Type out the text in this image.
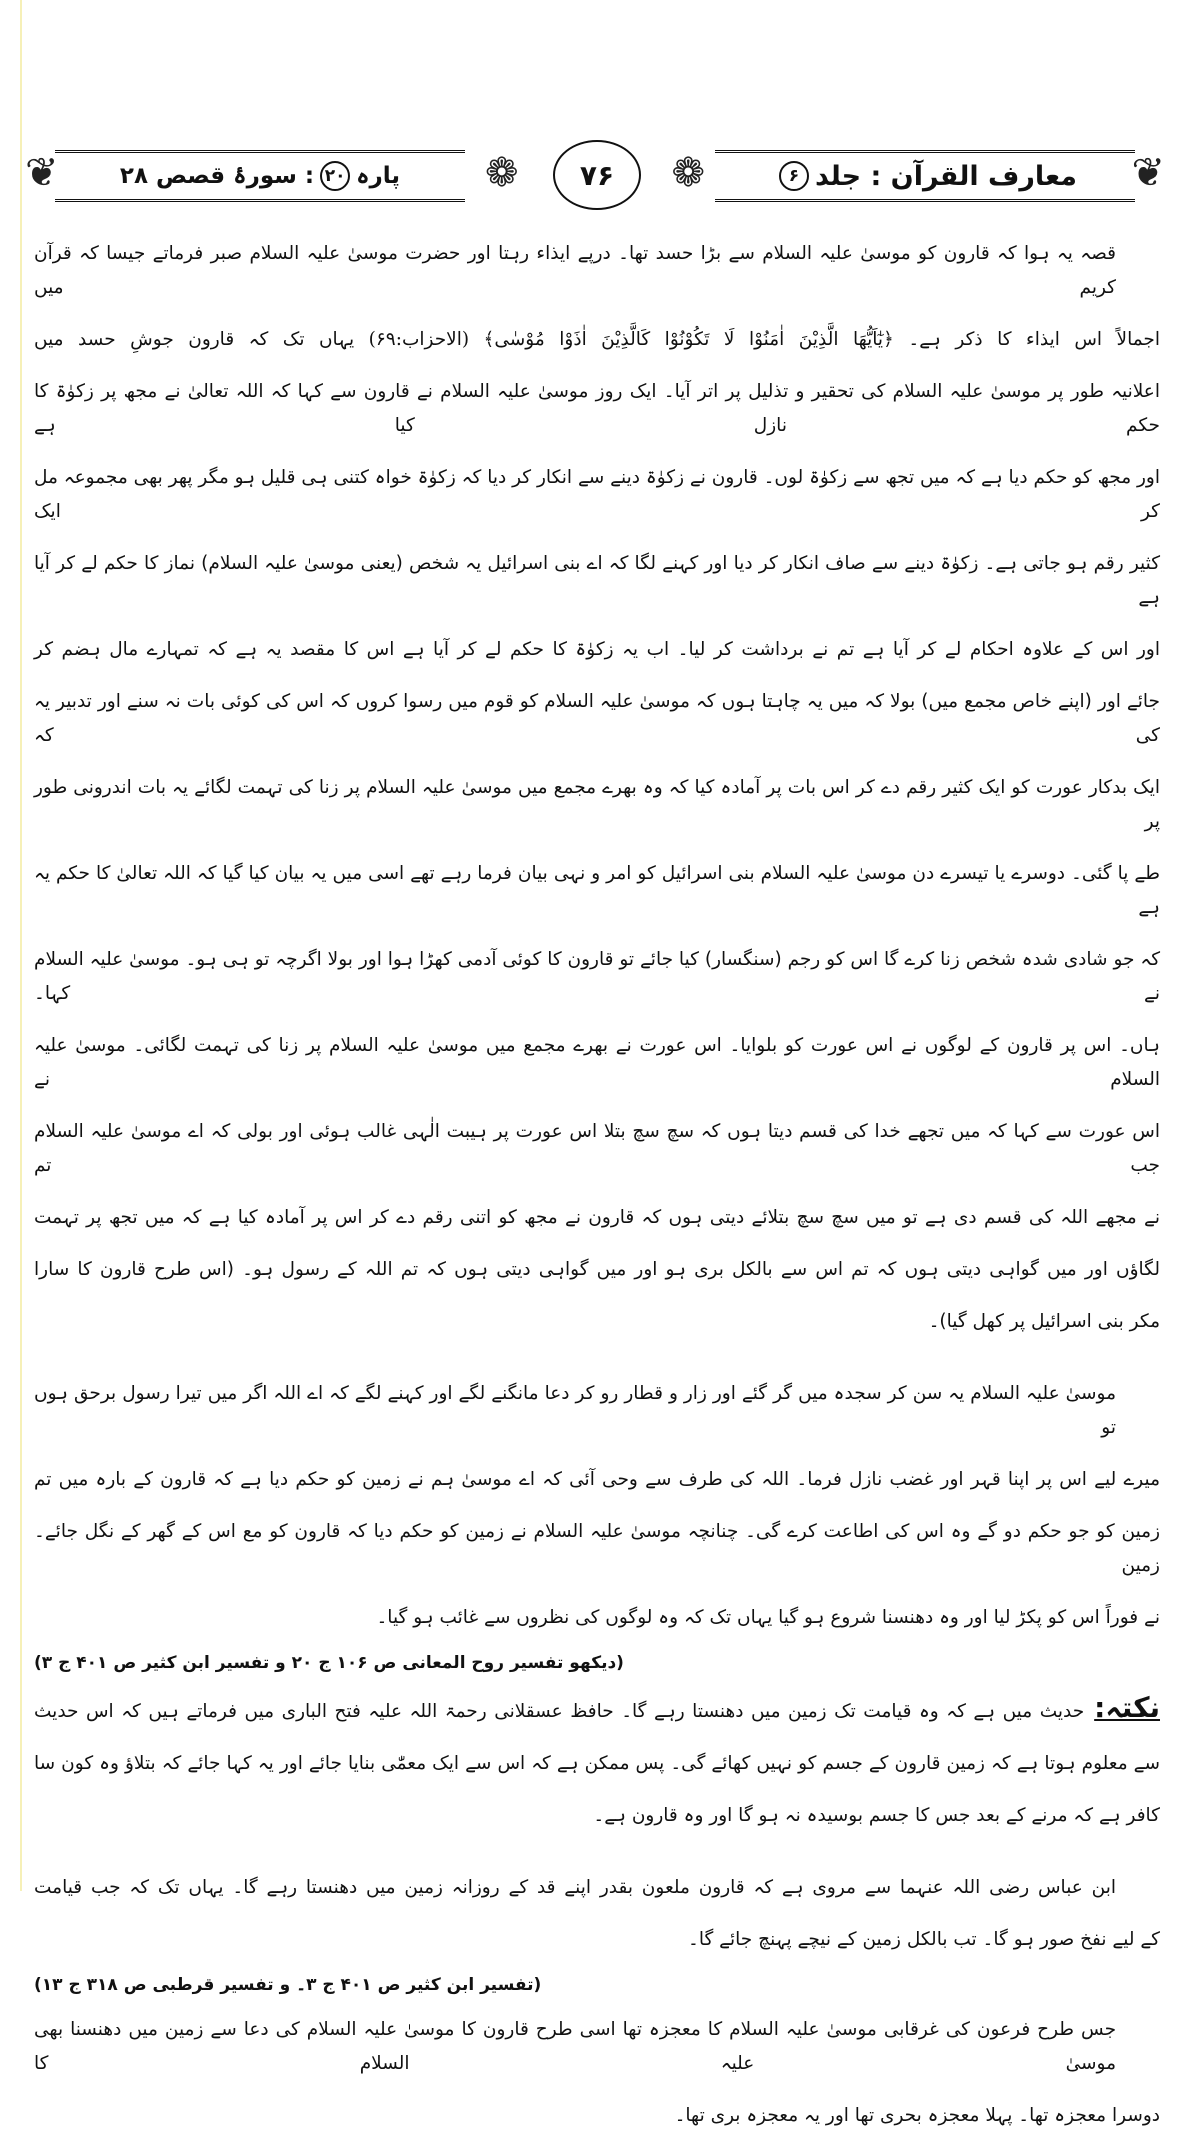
❦
معارف القرآن : جلد
۶
❁
۷۶
❁
پارہ
۲۰
: سورۂ قصص ۲۸
❦
قصہ یہ ہوا کہ قارون کو موسیٰ علیہ السلام سے بڑا حسد تھا۔ درپے ایذاء رہتا اور حضرت موسیٰ علیہ السلام صبر فرماتے جیسا کہ قرآن کریم میں
اجمالاً اس ایذاء کا ذکر ہے۔ ﴿يٰٓاَيُّهَا الَّذِيْنَ اٰمَنُوْا لَا تَكُوْنُوْا كَالَّذِيْنَ اٰذَوْا مُوْسٰى﴾ (الاحزاب:۶۹) یہاں تک کہ قارون جوشِ حسد میں
اعلانیہ طور پر موسیٰ علیہ السلام کی تحقیر و تذلیل پر اتر آیا۔ ایک روز موسیٰ علیہ السلام نے قارون سے کہا کہ اللہ تعالیٰ نے مجھ پر زکوٰۃ کا حکم نازل کیا ہے
اور مجھ کو حکم دیا ہے کہ میں تجھ سے زکوٰۃ لوں۔ قارون نے زکوٰۃ دینے سے انکار کر دیا کہ زکوٰۃ خواہ کتنی ہی قلیل ہو مگر پھر بھی مجموعہ مل کر ایک
کثیر رقم ہو جاتی ہے۔ زکوٰۃ دینے سے صاف انکار کر دیا اور کہنے لگا کہ اے بنی اسرائیل یہ شخص (یعنی موسیٰ علیہ السلام) نماز کا حکم لے کر آیا ہے
اور اس کے علاوہ احکام لے کر آیا ہے تم نے برداشت کر لیا۔ اب یہ زکوٰۃ کا حکم لے کر آیا ہے اس کا مقصد یہ ہے کہ تمہارے مال ہضم کر
جائے اور (اپنے خاص مجمع میں) بولا کہ میں یہ چاہتا ہوں کہ موسیٰ علیہ السلام کو قوم میں رسوا کروں کہ اس کی کوئی بات نہ سنے اور تدبیر یہ کی کہ
ایک بدکار عورت کو ایک کثیر رقم دے کر اس بات پر آمادہ کیا کہ وہ بھرے مجمع میں موسیٰ علیہ السلام پر زنا کی تہمت لگائے یہ بات اندرونی طور پر
طے پا گئی۔ دوسرے یا تیسرے دن موسیٰ علیہ السلام بنی اسرائیل کو امر و نہی بیان فرما رہے تھے اسی میں یہ بیان کیا گیا کہ اللہ تعالیٰ کا حکم یہ ہے
کہ جو شادی شدہ شخص زنا کرے گا اس کو رجم (سنگسار) کیا جائے تو قارون کا کوئی آدمی کھڑا ہوا اور بولا اگرچہ تو ہی ہو۔ موسیٰ علیہ السلام نے کہا۔
ہاں۔ اس پر قارون کے لوگوں نے اس عورت کو بلوایا۔ اس عورت نے بھرے مجمع میں موسیٰ علیہ السلام پر زنا کی تہمت لگائی۔ موسیٰ علیہ السلام نے
اس عورت سے کہا کہ میں تجھے خدا کی قسم دیتا ہوں کہ سچ سچ بتلا اس عورت پر ہیبت الٰہی غالب ہوئی اور بولی کہ اے موسیٰ علیہ السلام جب تم
نے مجھے اللہ کی قسم دی ہے تو میں سچ سچ بتلائے دیتی ہوں کہ قارون نے مجھ کو اتنی رقم دے کر اس پر آمادہ کیا ہے کہ میں تجھ پر تہمت
لگاؤں اور میں گواہی دیتی ہوں کہ تم اس سے بالکل بری ہو اور میں گواہی دیتی ہوں کہ تم اللہ کے رسول ہو۔ (اس طرح قارون کا سارا
مکر بنی اسرائیل پر کھل گیا)۔
موسیٰ علیہ السلام یہ سن کر سجدہ میں گر گئے اور زار و قطار رو کر دعا مانگنے لگے اور کہنے لگے کہ اے اللہ اگر میں تیرا رسول برحق ہوں تو
میرے لیے اس پر اپنا قہر اور غضب نازل فرما۔ اللہ کی طرف سے وحی آئی کہ اے موسیٰ ہم نے زمین کو حکم دیا ہے کہ قارون کے بارہ میں تم
زمین کو جو حکم دو گے وہ اس کی اطاعت کرے گی۔ چنانچہ موسیٰ علیہ السلام نے زمین کو حکم دیا کہ قارون کو مع اس کے گھر کے نگل جائے۔ زمین
نے فوراً اس کو پکڑ لیا اور وہ دھنسنا شروع ہو گیا یہاں تک کہ وہ لوگوں کی نظروں سے غائب ہو گیا۔
(دیکھو تفسیر روح المعانی ص ۱۰۶ ج ۲۰ و تفسیر ابن کثیر ص ۴۰۱ ج ۳)
نکتہ:حدیث میں ہے کہ وہ قیامت تک زمین میں دھنستا رہے گا۔ حافظ عسقلانی رحمۃ اللہ علیہ فتح الباری میں فرماتے ہیں کہ اس حدیث
سے معلوم ہوتا ہے کہ زمین قارون کے جسم کو نہیں کھائے گی۔ پس ممکن ہے کہ اس سے ایک معمّٰی بنایا جائے اور یہ کہا جائے کہ بتلاؤ وہ کون سا
کافر ہے کہ مرنے کے بعد جس کا جسم بوسیدہ نہ ہو گا اور وہ قارون ہے۔
ابن عباس رضی اللہ عنہما سے مروی ہے کہ قارون ملعون بقدر اپنے قد کے روزانہ زمین میں دھنستا رہے گا۔ یہاں تک کہ جب قیامت
کے لیے نفخ صور ہو گا۔ تب بالکل زمین کے نیچے پہنچ جائے گا۔
(تفسیر ابن کثیر ص ۴۰۱ ج ۳۔ و تفسیر قرطبی ص ۳۱۸ ج ۱۳)
جس طرح فرعون کی غرقابی موسیٰ علیہ السلام کا معجزہ تھا اسی طرح قارون کا موسیٰ علیہ السلام کی دعا سے زمین میں دھنسنا بھی موسیٰ علیہ السلام کا
دوسرا معجزہ تھا۔ پہلا معجزہ بحری تھا اور یہ معجزہ بری تھا۔
